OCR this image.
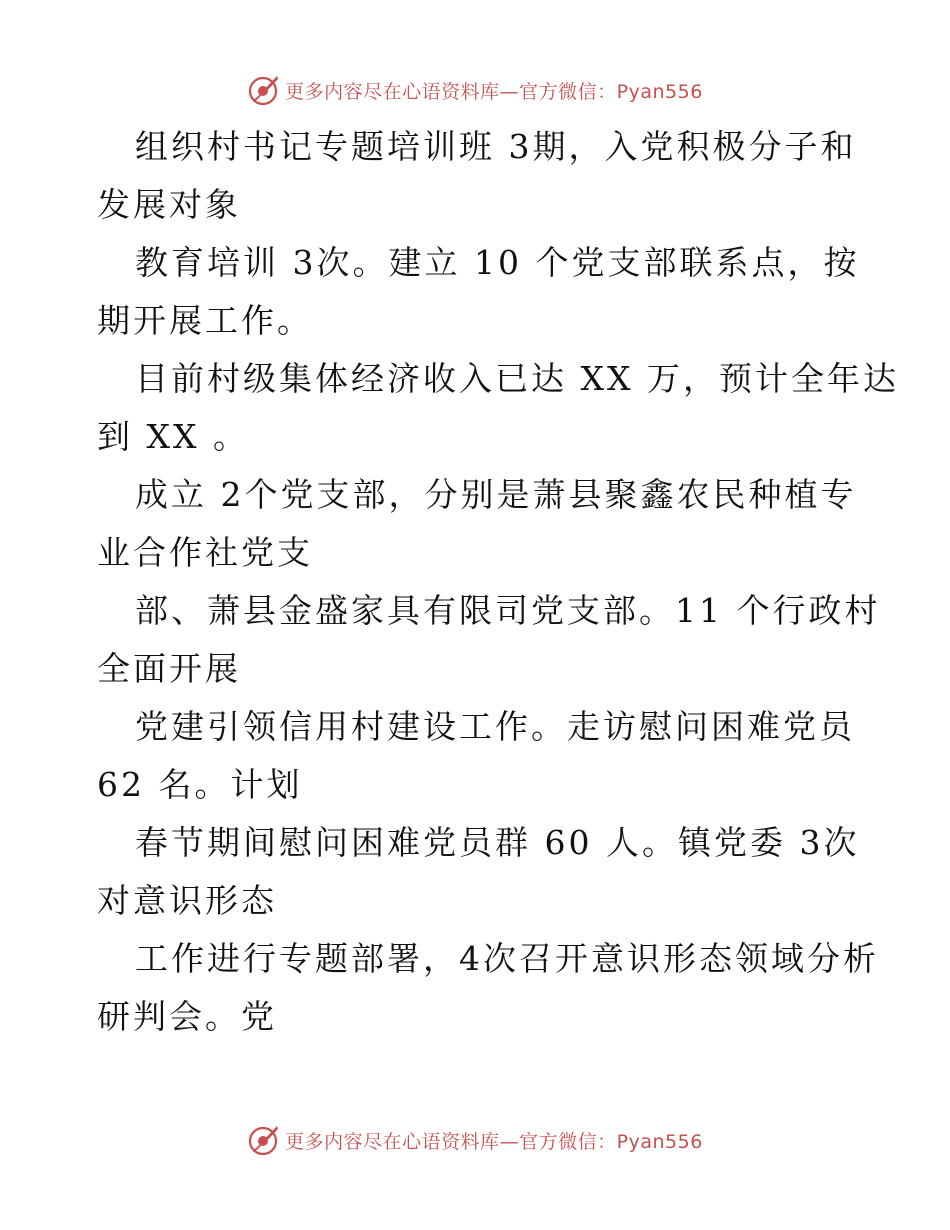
更多内容尽在心语资料库—官方微信：Pyan556
组织村书记专题培训班 3期，入党积极分子和
发展对象
教育培训 3次。建立 10 个党支部联系点，按
期开展工作。
目前村级集体经济收入已达 XX 万，预计全年达
到 XX 。
成立 2个党支部，分别是萧县聚鑫农民种植专
业合作社党支
部、萧县金盛家具有限司党支部。11 个行政村
全面开展
党建引领信用村建设工作。走访慰问困难党员
62 名。计划
春节期间慰问困难党员群 60 人。镇党委 3次
对意识形态
工作进行专题部署，4次召开意识形态领域分析
研判会。党
更多内容尽在心语资料库—官方微信：Pyan556
